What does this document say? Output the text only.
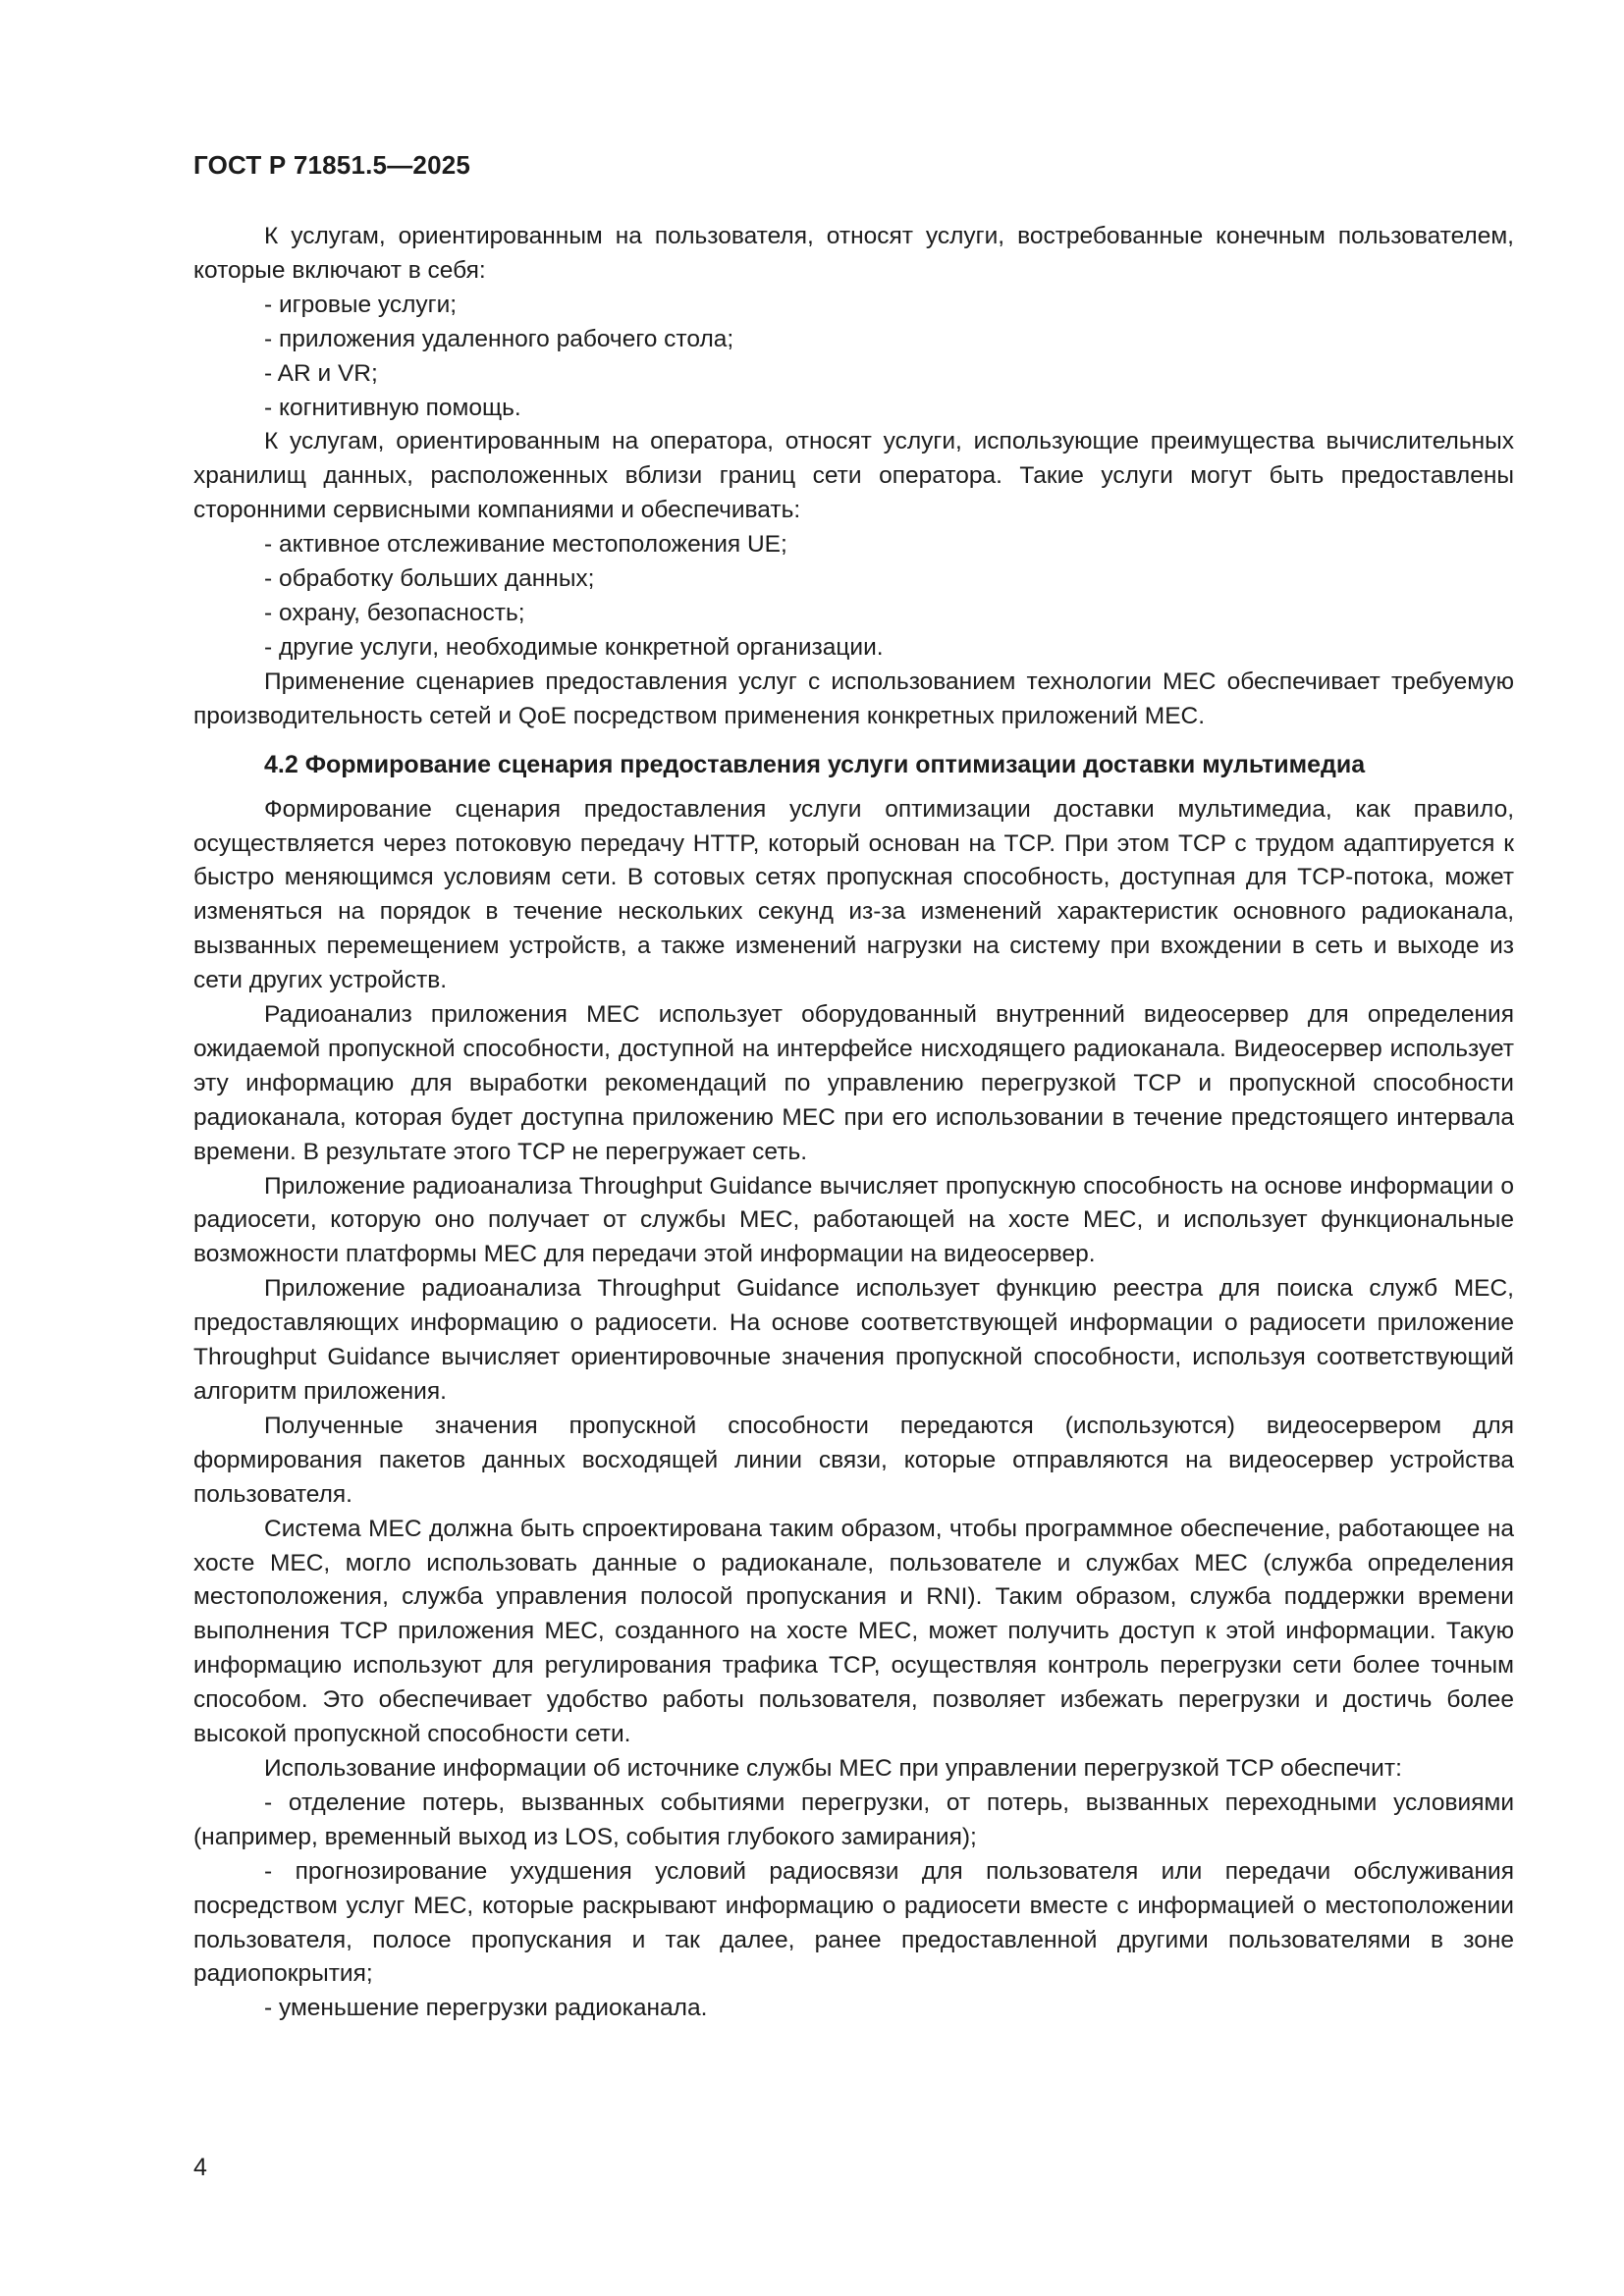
ГОСТ Р 71851.5—2025

К услугам, ориентированным на пользователя, относят услуги, востребованные конечным пользователем, которые включают в себя:

- игровые услуги;
- приложения удаленного рабочего стола;
- AR и VR;
- когнитивную помощь.

К услугам, ориентированным на оператора, относят услуги, использующие преимущества вычислительных хранилищ данных, расположенных вблизи границ сети оператора. Такие услуги могут быть предоставлены сторонними сервисными компаниями и обеспечивать:

- активное отслеживание местоположения UE;
- обработку больших данных;
- охрану, безопасность;
- другие услуги, необходимые конкретной организации.

Применение сценариев предоставления услуг с использованием технологии MEC обеспечивает требуемую производительность сетей и QoE посредством применения конкретных приложений MEC.

4.2 Формирование сценария предоставления услуги оптимизации доставки мультимедиа

Формирование сценария предоставления услуги оптимизации доставки мультимедиа, как правило, осуществляется через потоковую передачу HTTP, который основан на TCP. При этом TCP с трудом адаптируется к быстро меняющимся условиям сети. В сотовых сетях пропускная способность, доступная для TCP-потока, может изменяться на порядок в течение нескольких секунд из-за изменений характеристик основного радиоканала, вызванных перемещением устройств, а также изменений нагрузки на систему при вхождении в сеть и выходе из сети других устройств.

Радиоанализ приложения MEC использует оборудованный внутренний видеосервер для определения ожидаемой пропускной способности, доступной на интерфейсе нисходящего радиоканала. Видеосервер использует эту информацию для выработки рекомендаций по управлению перегрузкой TCP и пропускной способности радиоканала, которая будет доступна приложению MEC при его использовании в течение предстоящего интервала времени. В результате этого TCP не перегружает сеть.

Приложение радиоанализа Throughput Guidance вычисляет пропускную способность на основе информации о радиосети, которую оно получает от службы MEC, работающей на хосте MEC, и использует функциональные возможности платформы MEC для передачи этой информации на видеосервер.

Приложение радиоанализа Throughput Guidance использует функцию реестра для поиска служб MEC, предоставляющих информацию о радиосети. На основе соответствующей информации о радиосети приложение Throughput Guidance вычисляет ориентировочные значения пропускной способности, используя соответствующий алгоритм приложения.

Полученные значения пропускной способности передаются (используются) видеосервером для формирования пакетов данных восходящей линии связи, которые отправляются на видеосервер устройства пользователя.

Система MEC должна быть спроектирована таким образом, чтобы программное обеспечение, работающее на хосте MEC, могло использовать данные о радиоканале, пользователе и службах MEC (служба определения местоположения, служба управления полосой пропускания и RNI). Таким образом, служба поддержки времени выполнения TCP приложения MEC, созданного на хосте MEC, может получить доступ к этой информации. Такую информацию используют для регулирования трафика TCP, осуществляя контроль перегрузки сети более точным способом. Это обеспечивает удобство работы пользователя, позволяет избежать перегрузки и достичь более высокой пропускной способности сети.

Использование информации об источнике службы MEC при управлении перегрузкой TCP обеспечит:

- отделение потерь, вызванных событиями перегрузки, от потерь, вызванных переходными условиями (например, временный выход из LOS, события глубокого замирания);
- прогнозирование ухудшения условий радиосвязи для пользователя или передачи обслуживания посредством услуг MEC, которые раскрывают информацию о радиосети вместе с информацией о местоположении пользователя, полосе пропускания и так далее, ранее предоставленной другими пользователями в зоне радиопокрытия;
- уменьшение перегрузки радиоканала.
4
